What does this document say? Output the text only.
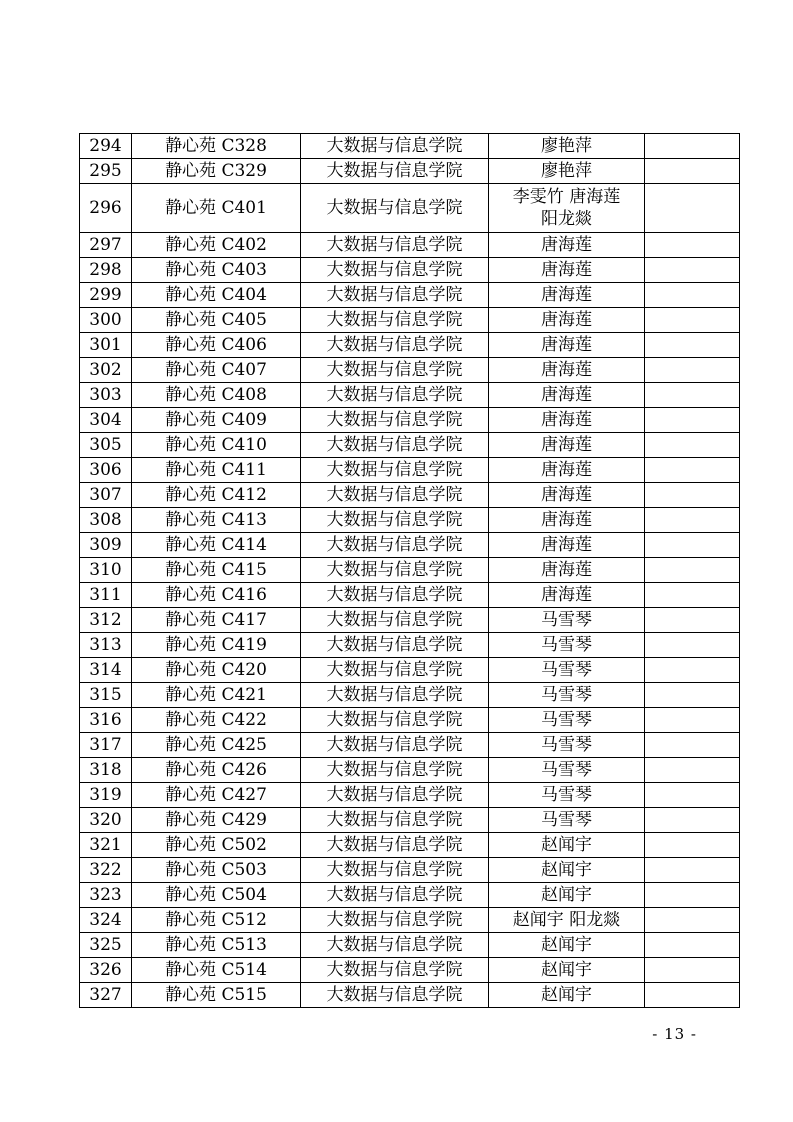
294	静心苑 C328	大数据与信息学院	廖艳萍	
295	静心苑 C329	大数据与信息学院	廖艳萍	
296	静心苑 C401	大数据与信息学院	李雯竹 唐海莲
阳龙燚	
297	静心苑 C402	大数据与信息学院	唐海莲	
298	静心苑 C403	大数据与信息学院	唐海莲	
299	静心苑 C404	大数据与信息学院	唐海莲	
300	静心苑 C405	大数据与信息学院	唐海莲	
301	静心苑 C406	大数据与信息学院	唐海莲	
302	静心苑 C407	大数据与信息学院	唐海莲	
303	静心苑 C408	大数据与信息学院	唐海莲	
304	静心苑 C409	大数据与信息学院	唐海莲	
305	静心苑 C410	大数据与信息学院	唐海莲	
306	静心苑 C411	大数据与信息学院	唐海莲	
307	静心苑 C412	大数据与信息学院	唐海莲	
308	静心苑 C413	大数据与信息学院	唐海莲	
309	静心苑 C414	大数据与信息学院	唐海莲	
310	静心苑 C415	大数据与信息学院	唐海莲	
311	静心苑 C416	大数据与信息学院	唐海莲	
312	静心苑 C417	大数据与信息学院	马雪琴	
313	静心苑 C419	大数据与信息学院	马雪琴	
314	静心苑 C420	大数据与信息学院	马雪琴	
315	静心苑 C421	大数据与信息学院	马雪琴	
316	静心苑 C422	大数据与信息学院	马雪琴	
317	静心苑 C425	大数据与信息学院	马雪琴	
318	静心苑 C426	大数据与信息学院	马雪琴	
319	静心苑 C427	大数据与信息学院	马雪琴	
320	静心苑 C429	大数据与信息学院	马雪琴	
321	静心苑 C502	大数据与信息学院	赵闻宇	
322	静心苑 C503	大数据与信息学院	赵闻宇	
323	静心苑 C504	大数据与信息学院	赵闻宇	
324	静心苑 C512	大数据与信息学院	赵闻宇 阳龙燚	
325	静心苑 C513	大数据与信息学院	赵闻宇	
326	静心苑 C514	大数据与信息学院	赵闻宇	
327	静心苑 C515	大数据与信息学院	赵闻宇	
- 13 -
